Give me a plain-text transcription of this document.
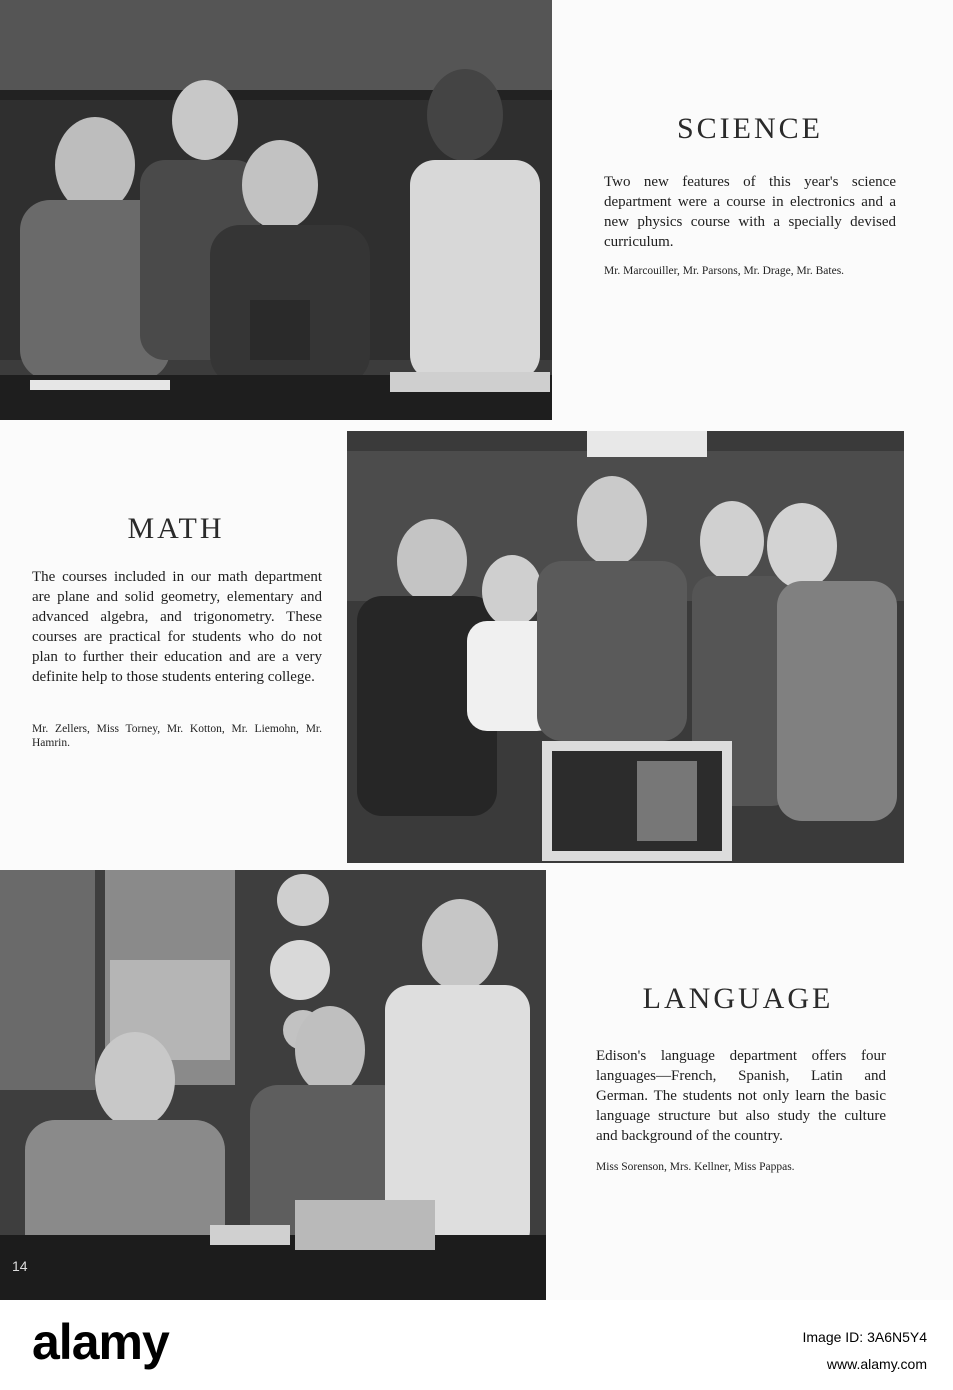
SCIENCE

Two new features of this year's science department were a course in electronics and a new physics course with a specially devised curriculum.

Mr. Marcouiller, Mr. Parsons, Mr. Drage, Mr. Bates.

MATH

The courses included in our math department are plane and solid geometry, elementary and advanced algebra, and trigonometry. These courses are practical for students who do not plan to further their education and are a very definite help to those students entering college.

Mr. Zellers, Miss Torney, Mr. Kotton, Mr. Liemohn, Mr. Hamrin.

LANGUAGE

Edison's language department offers four languages—French, Spanish, Latin and German. The students not only learn the basic language structure but also study the culture and background of the country.

Miss Sorenson, Mrs. Kellner, Miss Pappas.

14
alamy	Image ID: 3A6N5Y4
www.alamy.com
